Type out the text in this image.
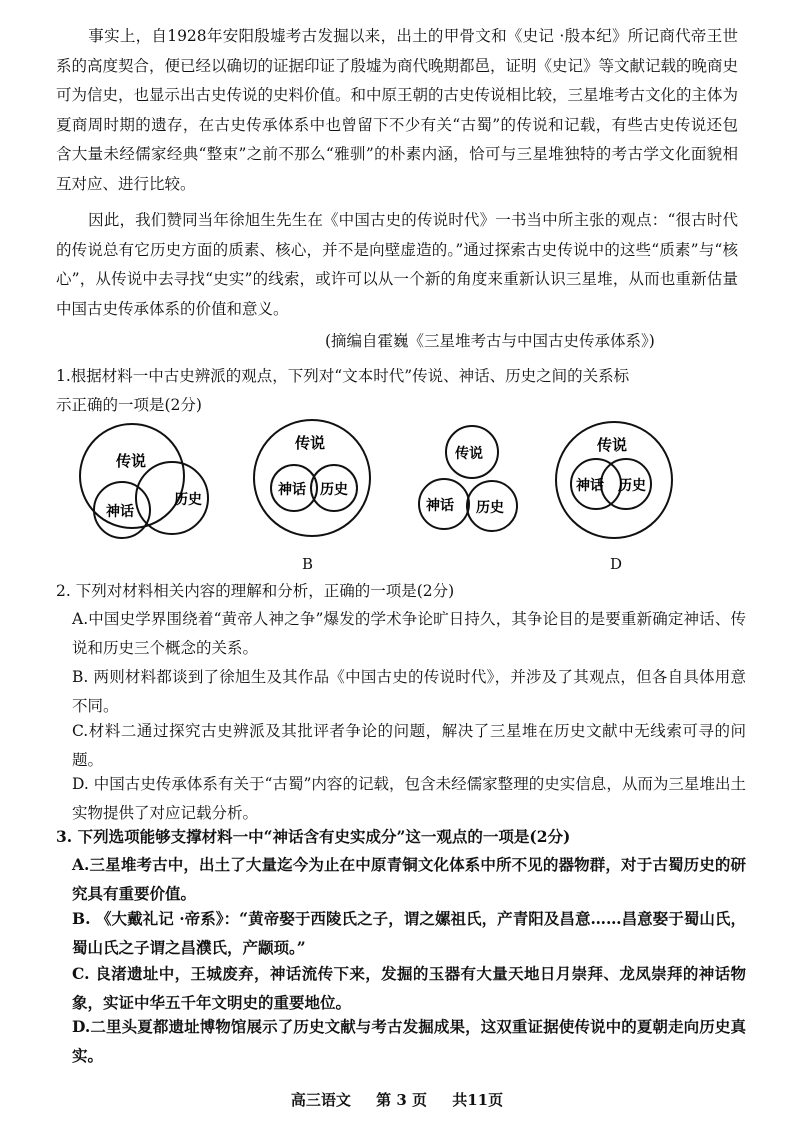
事实上，自1928年安阳殷墟考古发掘以来，出土的甲骨文和《史记 ·殷本纪》所记商代帝王世系的高度契合，便已经以确切的证据印证了殷墟为商代晚期都邑，证明《史记》等文献记载的晚商史可为信史，也显示出古史传说的史料价值。和中原王朝的古史传说相比较，三星堆考古文化的主体为夏商周时期的遗存，在古史传承体系中也曾留下不少有关“古蜀”的传说和记载，有些古史传说还包含大量未经儒家经典“整束”之前不那么“雅驯”的朴素内涵，恰可与三星堆独特的考古学文化面貌相互对应、进行比较。

因此，我们赞同当年徐旭生先生在《中国古史的传说时代》一书当中所主张的观点：“很古时代的传说总有它历史方面的质素、核心，并不是向壁虚造的。”通过探索古史传说中的这些“质素”与“核心”，从传说中去寻找“史实”的线索，或许可以从一个新的角度来重新认识三星堆，从而也重新估量中国古史传承体系的价值和意义。

(摘编自霍巍《三星堆考古与中国古史传承体系》)

1.根据材料一中古史辨派的观点，下列对“文本时代”传说、神话、历史之间的关系标
示正确的一项是(2分)

传说
神话
历史
传说
神话 历史
传说
神话 历史
传说
神话 历史
B	D

2. 下列对材料相关内容的理解和分析，正确的一项是(2分)

A.中国史学界围绕着“黄帝人神之争”爆发的学术争论旷日持久，其争论目的是要重新确定神话、传说和历史三个概念的关系。

B. 两则材料都谈到了徐旭生及其作品《中国古史的传说时代》，并涉及了其观点，但各自具体用意不同。

C.材料二通过探究古史辨派及其批评者争论的问题，解决了三星堆在历史文献中无线索可寻的问题。

D. 中国古史传承体系有关于“古蜀”内容的记载，包含未经儒家整理的史实信息，从而为三星堆出土实物提供了对应记载分析。

3. 下列选项能够支撑材料一中“神话含有史实成分”这一观点的一项是(2分)

A.三星堆考古中，出土了大量迄今为止在中原青铜文化体系中所不见的器物群，对于古蜀历史的研究具有重要价值。

B. 《大戴礼记 ·帝系》：“黄帝娶于西陵氏之子，谓之嫘祖氏，产青阳及昌意……昌意娶于蜀山氏，蜀山氏之子谓之昌濮氏，产颛顼。”

C. 良渚遗址中，王城废弃，神话流传下来，发掘的玉器有大量天地日月崇拜、龙凤崇拜的神话物象，实证中华五千年文明史的重要地位。

D.二里头夏都遗址博物馆展示了历史文献与考古发掘成果，这双重证据使传说中的夏朝走向历史真实。

高三语文 第 3 页 共11页
